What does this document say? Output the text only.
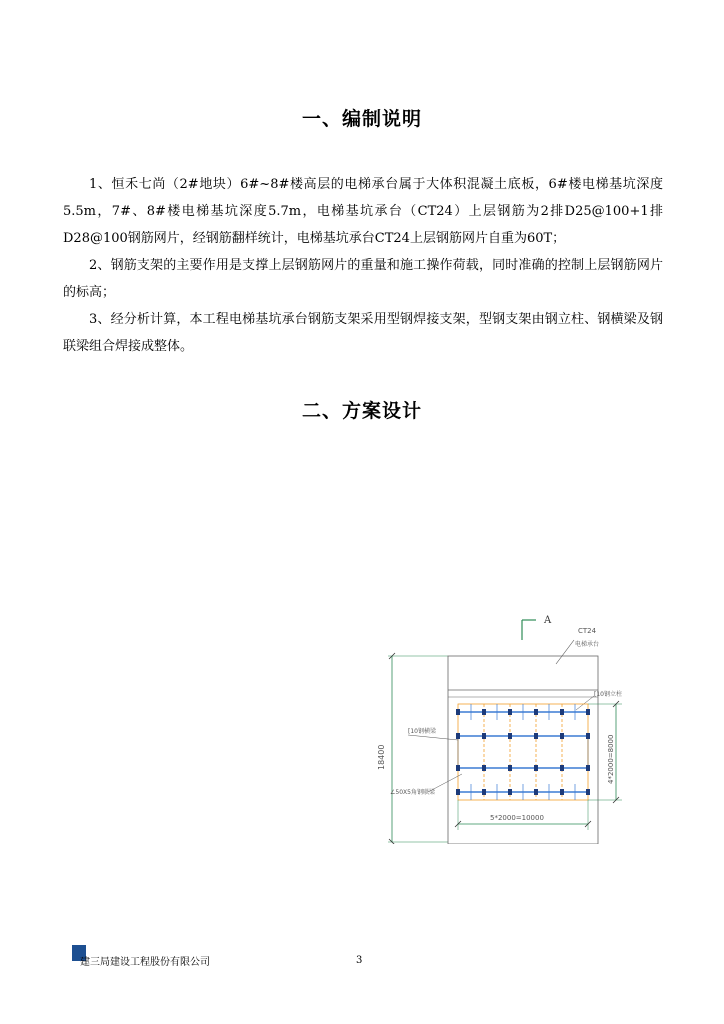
一、编制说明

1、恒禾七尚（2#地块）6#~8#楼高层的电梯承台属于大体积混凝土底板，6#楼电梯基坑深度5.5m，7#、8#楼电梯基坑深度5.7m，电梯基坑承台（CT24）上层钢筋为2排D25@100+1排D28@100钢筋网片，经钢筋翻样统计，电梯基坑承台CT24上层钢筋网片自重为60T；

2、钢筋支架的主要作用是支撑上层钢筋网片的重量和施工操作荷载，同时准确的控制上层钢筋网片的标高；

3、经分析计算，本工程电梯基坑承台钢筋支架采用型钢焊接支架，型钢支架由钢立柱、钢横梁及钢联梁组合焊接成整体。

二、方案设计
A
CT24
电梯承台
18400
[10钢立柱
[10钢横梁
∠50X5角钢联梁
4*2000=8000
5*2000=10000
建三局建设工程股份有限公司	3
